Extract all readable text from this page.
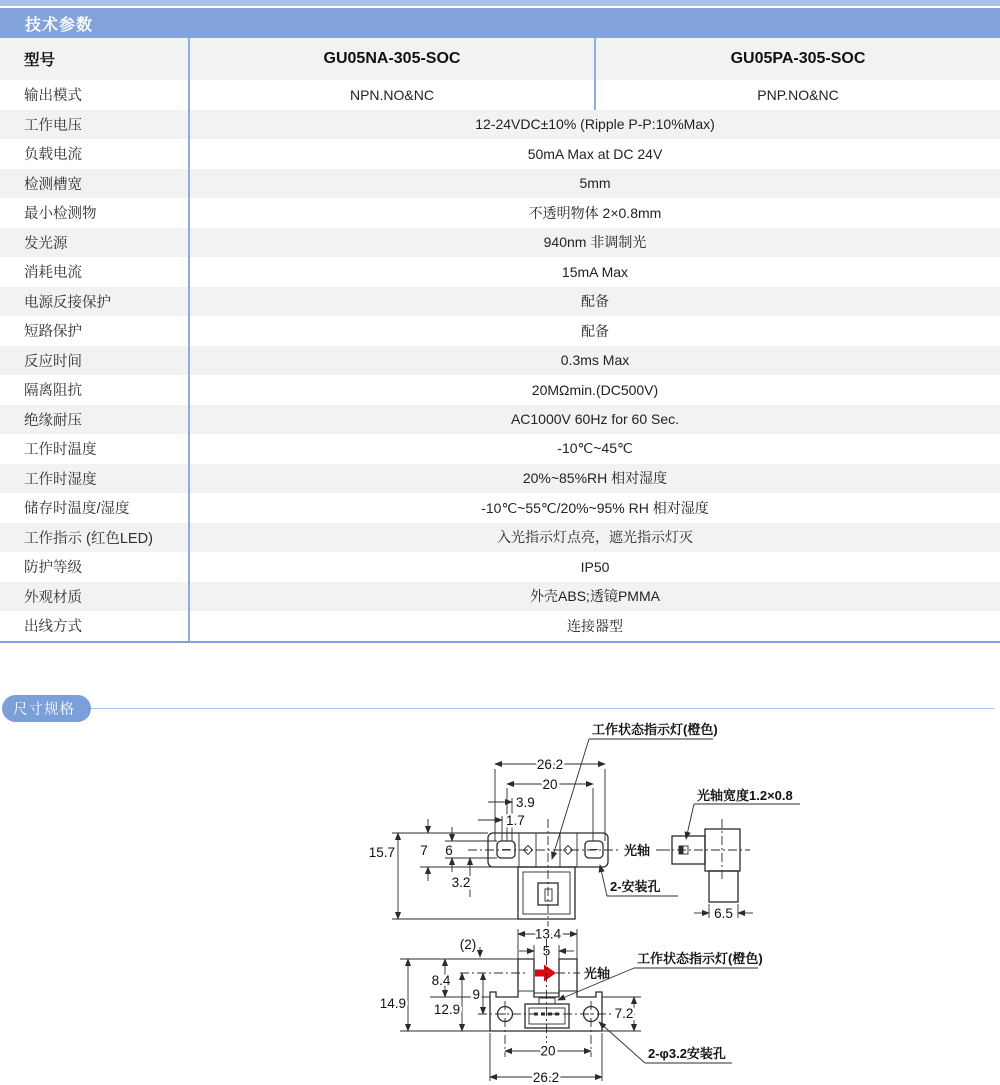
技术参数
型号	GU05NA-305-SOC	GU05PA-305-SOC
输出模式	NPN.NO&NC	PNP.NO&NC
工作电压	12-24VDC±10% (Ripple P-P:10%Max)
负载电流	50mA Max at DC 24V
检测槽宽	5mm
最小检测物	不透明物体 2×0.8mm
发光源	940nm 非调制光
消耗电流	15mA Max
电源反接保护	配备
短路保护	配备
反应时间	0.3ms Max
隔离阻抗	20MΩmin.(DC500V)
绝缘耐压	AC1000V 60Hz for 60 Sec.
工作时温度	-10℃~45℃
工作时湿度	20%~85%RH 相对湿度
储存时温度/湿度	-10℃~55℃/20%~95% RH 相对湿度
工作指示 (红色LED)	入光指示灯点亮，遮光指示灯灭
防护等级	IP50
外观材质	外壳ABS;透镜PMMA
出线方式	连接器型
尺寸规格
工作状态指示灯(橙色)
26.2
20
3.9
1.7
光轴
15.7 7 6
3.2	2-安装孔
光轴宽度1.2×0.8
6.5
13.4
5
(2)
光轴
工作状态指示灯(橙色)
14.9
8.4
9
12.9	7.2
20
26.2
2-φ3.2安装孔
